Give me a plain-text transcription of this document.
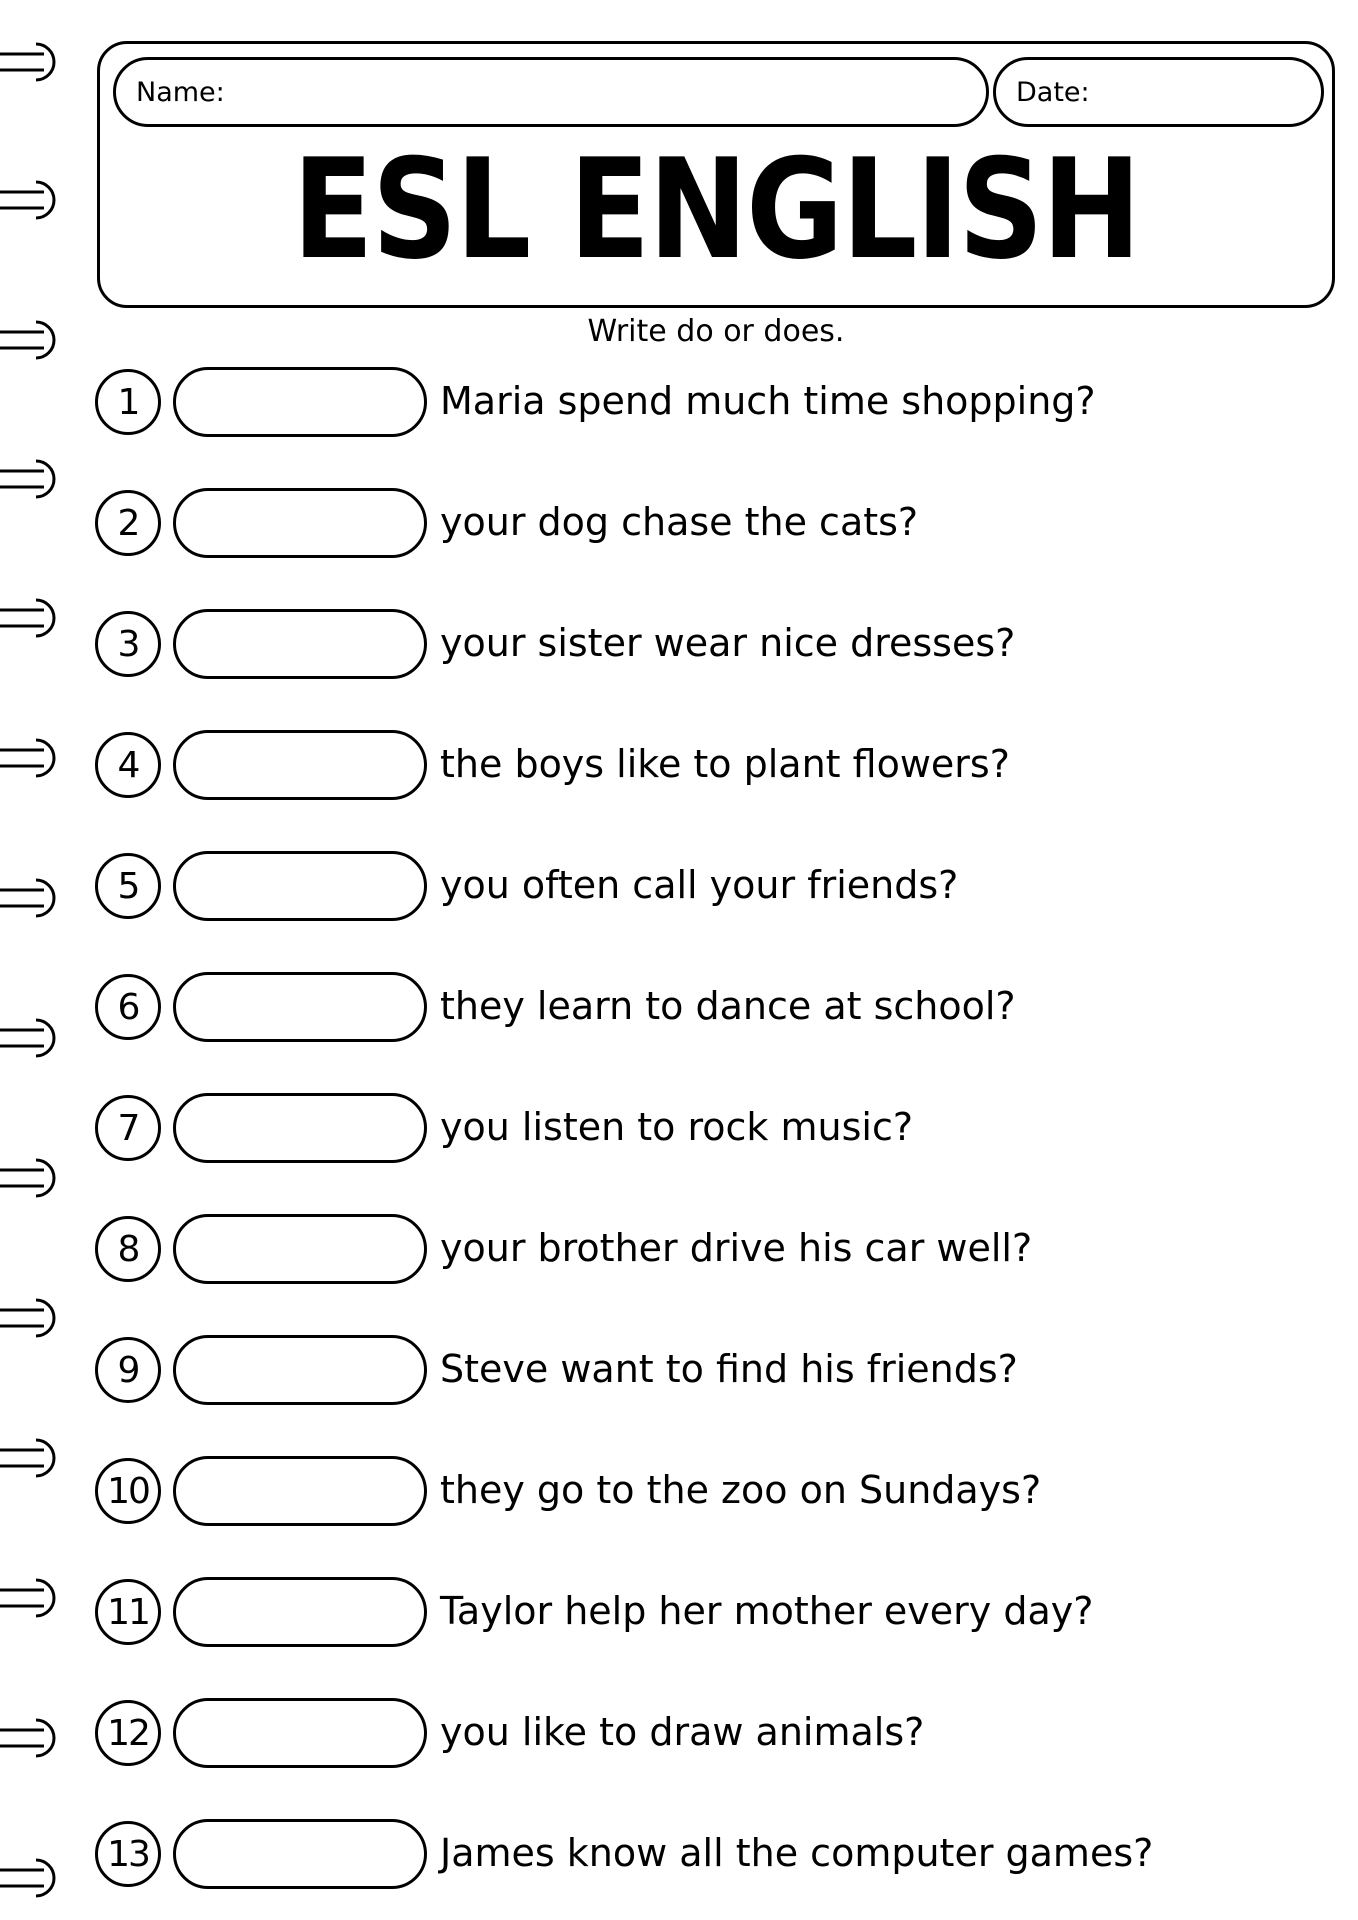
Name:	Date:
ESL ENGLISH
Write do or does.
1	Maria spend much time shopping?
2	your dog chase the cats?
3	your sister wear nice dresses?
4	the boys like to plant flowers?
5	you often call your friends?
6	they learn to dance at school?
7	you listen to rock music?
8	your brother drive his car well?
9	Steve want to find his friends?
10	they go to the zoo on Sundays?
11	Taylor help her mother every day?
12	you like to draw animals?
13	James know all the computer games?
